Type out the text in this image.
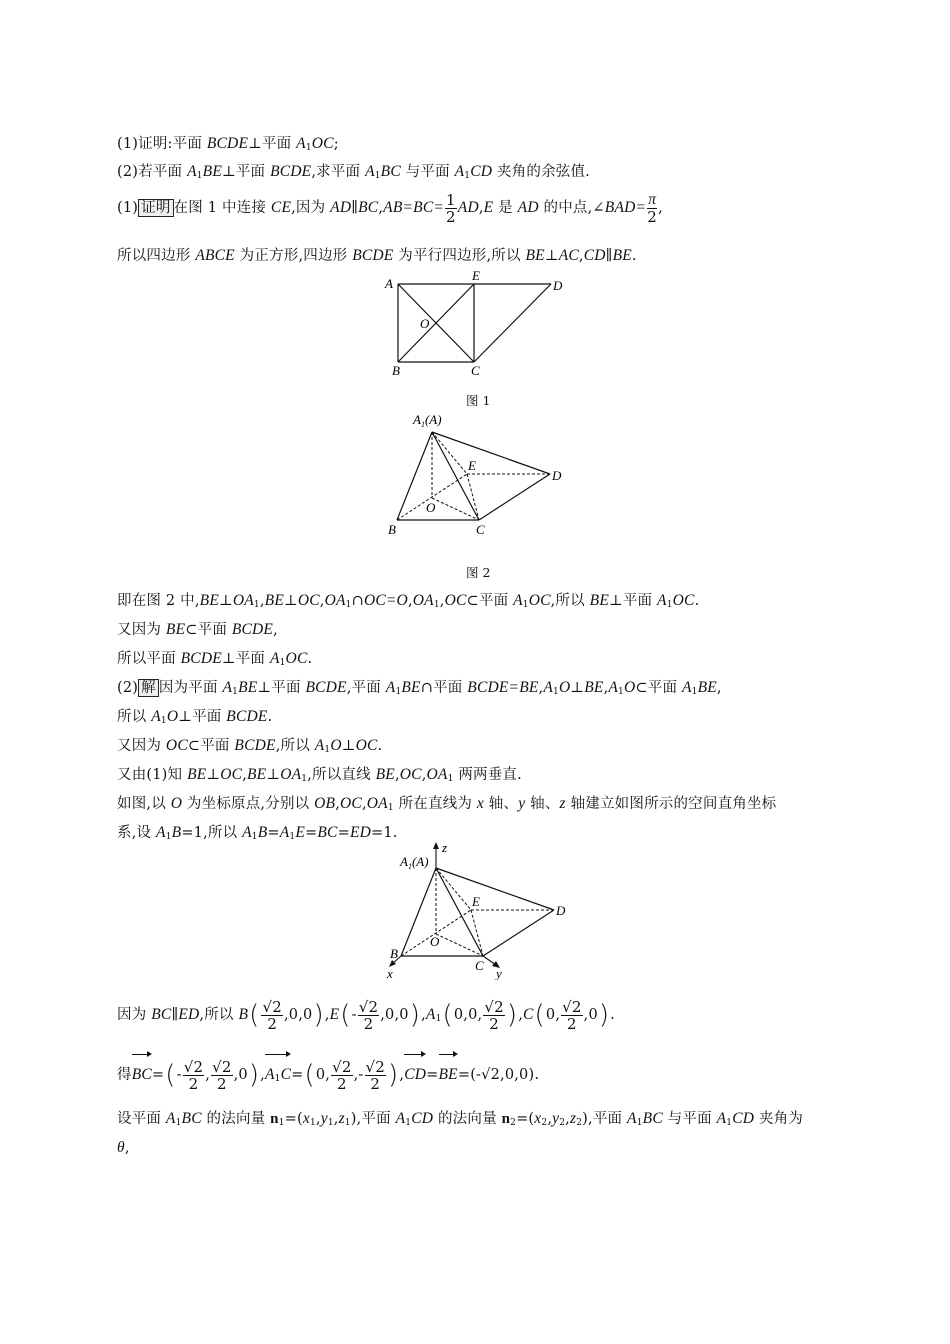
(1)证明:平面 BCDE⊥平面 $A_1OC$;
(2)若平面 $A_1BE\perp$平面 BCDE,求平面 $A_1BC$ 与平面 $A_1CD$ 夹角的余弦值.
(1) 证明 在图 1 中连接 CE,因为 AD∥BC,AB=BC= $\frac{1}{2} AD,E$ 是 AD 的中点,∠BAD= $\frac{\pi}{2}$ ,
所以四边形 ABCE 为正方形,四边形 BCDE 为平行四边形,所以 BE⊥AC,CD∥BE.
A
E
D
O
B	C
图 1
$A_1(A)$
E
D
O
B	C
图 2
即在图 2 中$,BE\perp OA_1,BE\perp OC,OA_1\cap OC=O,OA_1,OC\subset$平面 $A_1OC$,所以 BE⊥平面 $A_1OC$.
又因为 BE⊂平面 BCDE,
所以平面 BCDE⊥平面 $A_1OC$.
(2) 解 因为平面 $A_1BE\perp$平面 BCDE,平面 $A_1BE\cap$平面 $BCDE=BE,A_1O\perp BE,A_1O\subset$平面 $A_1BE$,
所以 $A_1O\perp$平面 BCDE.
又因为 OC⊂平面 BCDE,所以 $A_1O\perp OC$.
又由(1)知 $BE\perp OC,BE\perp OA_1$,所以直线 $BE,OC,OA_1$ 两两垂直.
如图,以 O 为坐标原点,分别以 $OB,OC,OA_1$ 所在直线为 x 轴、y 轴、z 轴建立如图所示的空间直角坐标
系,设 $A_1B=1$,所以 $A_1B=A_1E=BC=ED=1$.
$A_1(A)$
z
E
D
O
B
C
x	y
因为 BC∥ED,所以 $B( \frac{√2}{2} ,0,0),E(- \frac{√2}{2} ,0,0),A_1(0,0$, $\frac{√2}{2} ),C(0$, $\frac{√2}{2} ,0$).
得$BC=(- \frac{√2}{2}$ , $\frac{√2}{2} ,0),A_1C=(0$, $\frac{√2}{2}$ ,- $\frac{√2}{2} ),CD=BE=(-√2,0,0)$.
设平面 $A_1BC$ 的法向量 $n_1=(x_1,y_1,z_1)$,平面 $A_1CD$ 的法向量 $n_2=(x_2,y_2,z_2)$,平面 $A_1BC$ 与平面 $A_1CD$ 夹角为
θ,
